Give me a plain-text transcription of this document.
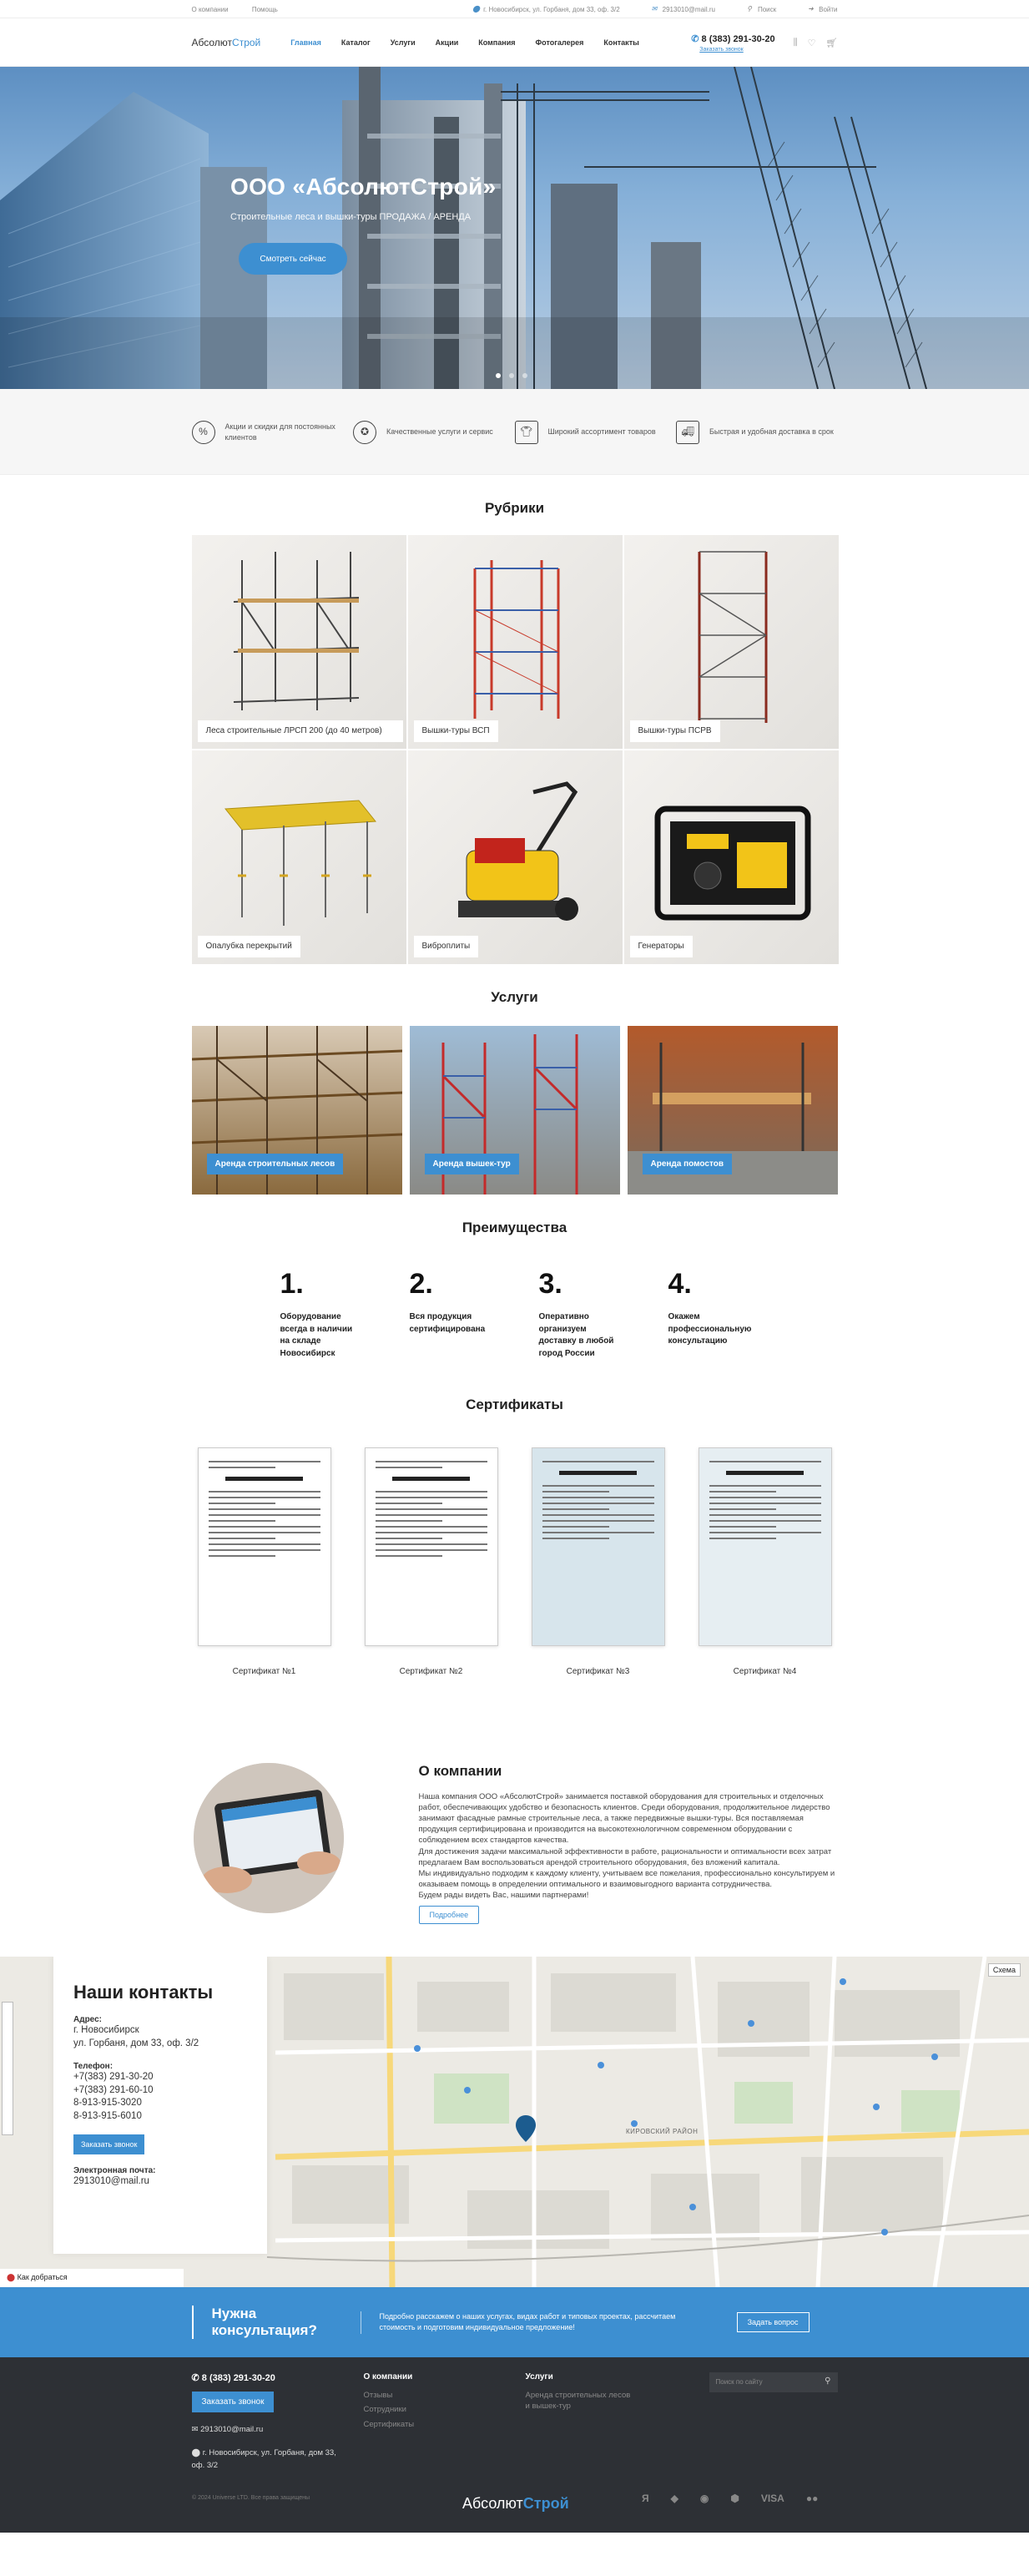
О компании	Помощь	⬤ г. Новосибирск, ул. Горбаня, дом 33, оф. 3/2	✉ 2913010@mail.ru	⚲ Поиск	➜ Войти
АбсолютСтрой	Главная	Каталог	Услуги	Акции	Компания	Фотогалерея	Контакты	✆ 8 (383) 291-30-20
Заказать звонок
⫼ ♡ 🛒︎
ООО «АбсолютСтрой»

Строительные леса и вышки-туры ПРОДАЖА / АРЕНДА

Смотреть сейчас
%	Акции и скидки для постоянных клиентов	✪	Качественные услуги и сервис	👕︎	Широкий ассортимент товаров	🚚︎	Быстрая и удобная доставка в срок
Рубрики
Леса строительные ЛРСП 200 (до 40 метров)	Вышки-туры ВСП	Вышки-туры ПСРВ
Опалубка перекрытий	Виброплиты	Генераторы
Услуги
Аренда строительных лесов	Аренда вышек-тур	Аренда помостов
Преимущества
1.
Оборудование всегда в наличии на складе Новосибирск
2.
Вся продукция сертифицирована
3.
Оперативно организуем доставку в любой город России
4.
Окажем профессиональную консультацию
Сертификаты
Сертификат №1	Сертификат №2	Сертификат №3	Сертификат №4
О компании

Наша компания ООО «АбсолютСтрой» занимается поставкой оборудования для строительных и отделочных работ, обеспечивающих удобство и безопасность клиентов. Среди оборудования, продолжительное лидерство занимают фасадные рамные строительные леса, а также передвижные вышки-туры. Вся поставляемая продукция сертифицирована и производится на высокотехнологичном современном оборудовании с соблюдением всех стандартов качества.
Для достижения задачи максимальной эффективности в работе, рациональности и оптимальности всех затрат предлагаем Вам воспользоваться арендой строительного оборудования, без вложений капитала.
Мы индивидуально подходим к каждому клиенту, учитываем все пожелания, профессионально консультируем и оказываем помощь в определении оптимального и взаимовыгодного варианта сотрудничества.
Будем рады видеть Вас, нашими партнерами!

Подробнее
Схема
КИРОВСКИЙ РАЙОН
Наши контакты
Адрес:
г. Новосибирск
ул. Горбаня, дом 33, оф. 3/2
Телефон:
+7(383) 291-30-20
+7(383) 291-60-10
8-913-915-3020
8-913-915-6010
Заказать звонок
Электронная почта:
2913010@mail.ru
⬤ Как добраться
Нужна консультация?

Подробно расскажем о наших услугах, видах работ и типовых проектах, рассчитаем стоимость и подготовим индивидуальное предложение!

Задать вопрос
✆ 8 (383) 291-30-20
Заказать звонок
✉ 2913010@mail.ru
⬤ г. Новосибирск, ул. Горбаня, дом 33, оф. 3/2
О компании
Отзывы
Сотрудники
Сертификаты
Услуги
Аренда строительных лесов и вышек-тур
Поиск по сайту	⚲
© 2024 Universe LTD. Все права защищены	АбсолютСтрой	Я ◆ ◉ ⬢ VISA ●●
